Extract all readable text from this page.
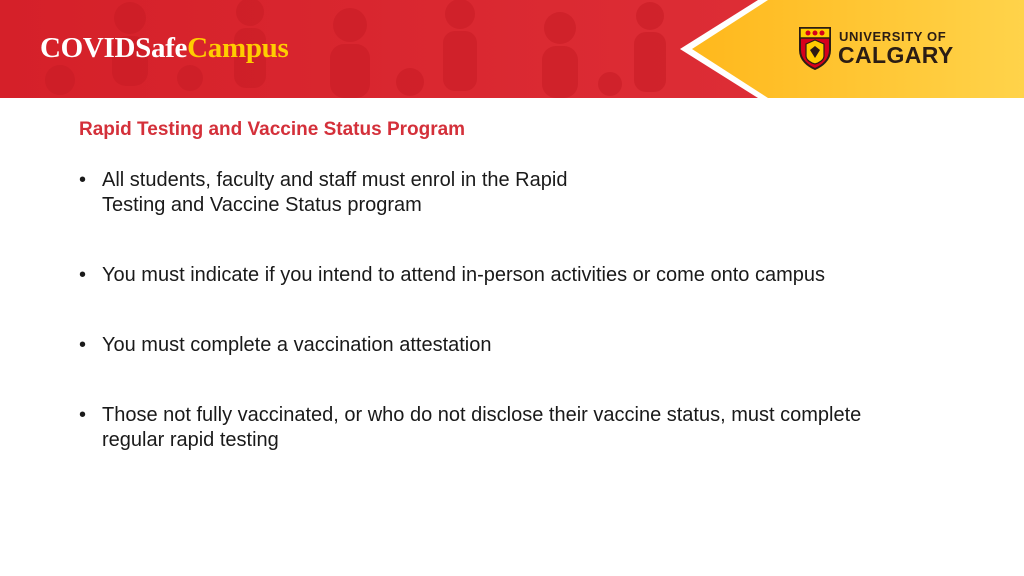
COVIDSafeCampus	UNIVERSITY OF
CALGARY
Rapid Testing and Vaccine Status Program
• All students, faculty and staff must enrol in the Rapid Testing and Vaccine Status program
• You must indicate if you intend to attend in-person activities or come onto campus
• You must complete a vaccination attestation
• Those not fully vaccinated, or who do not disclose their vaccine status, must complete regular rapid testing
